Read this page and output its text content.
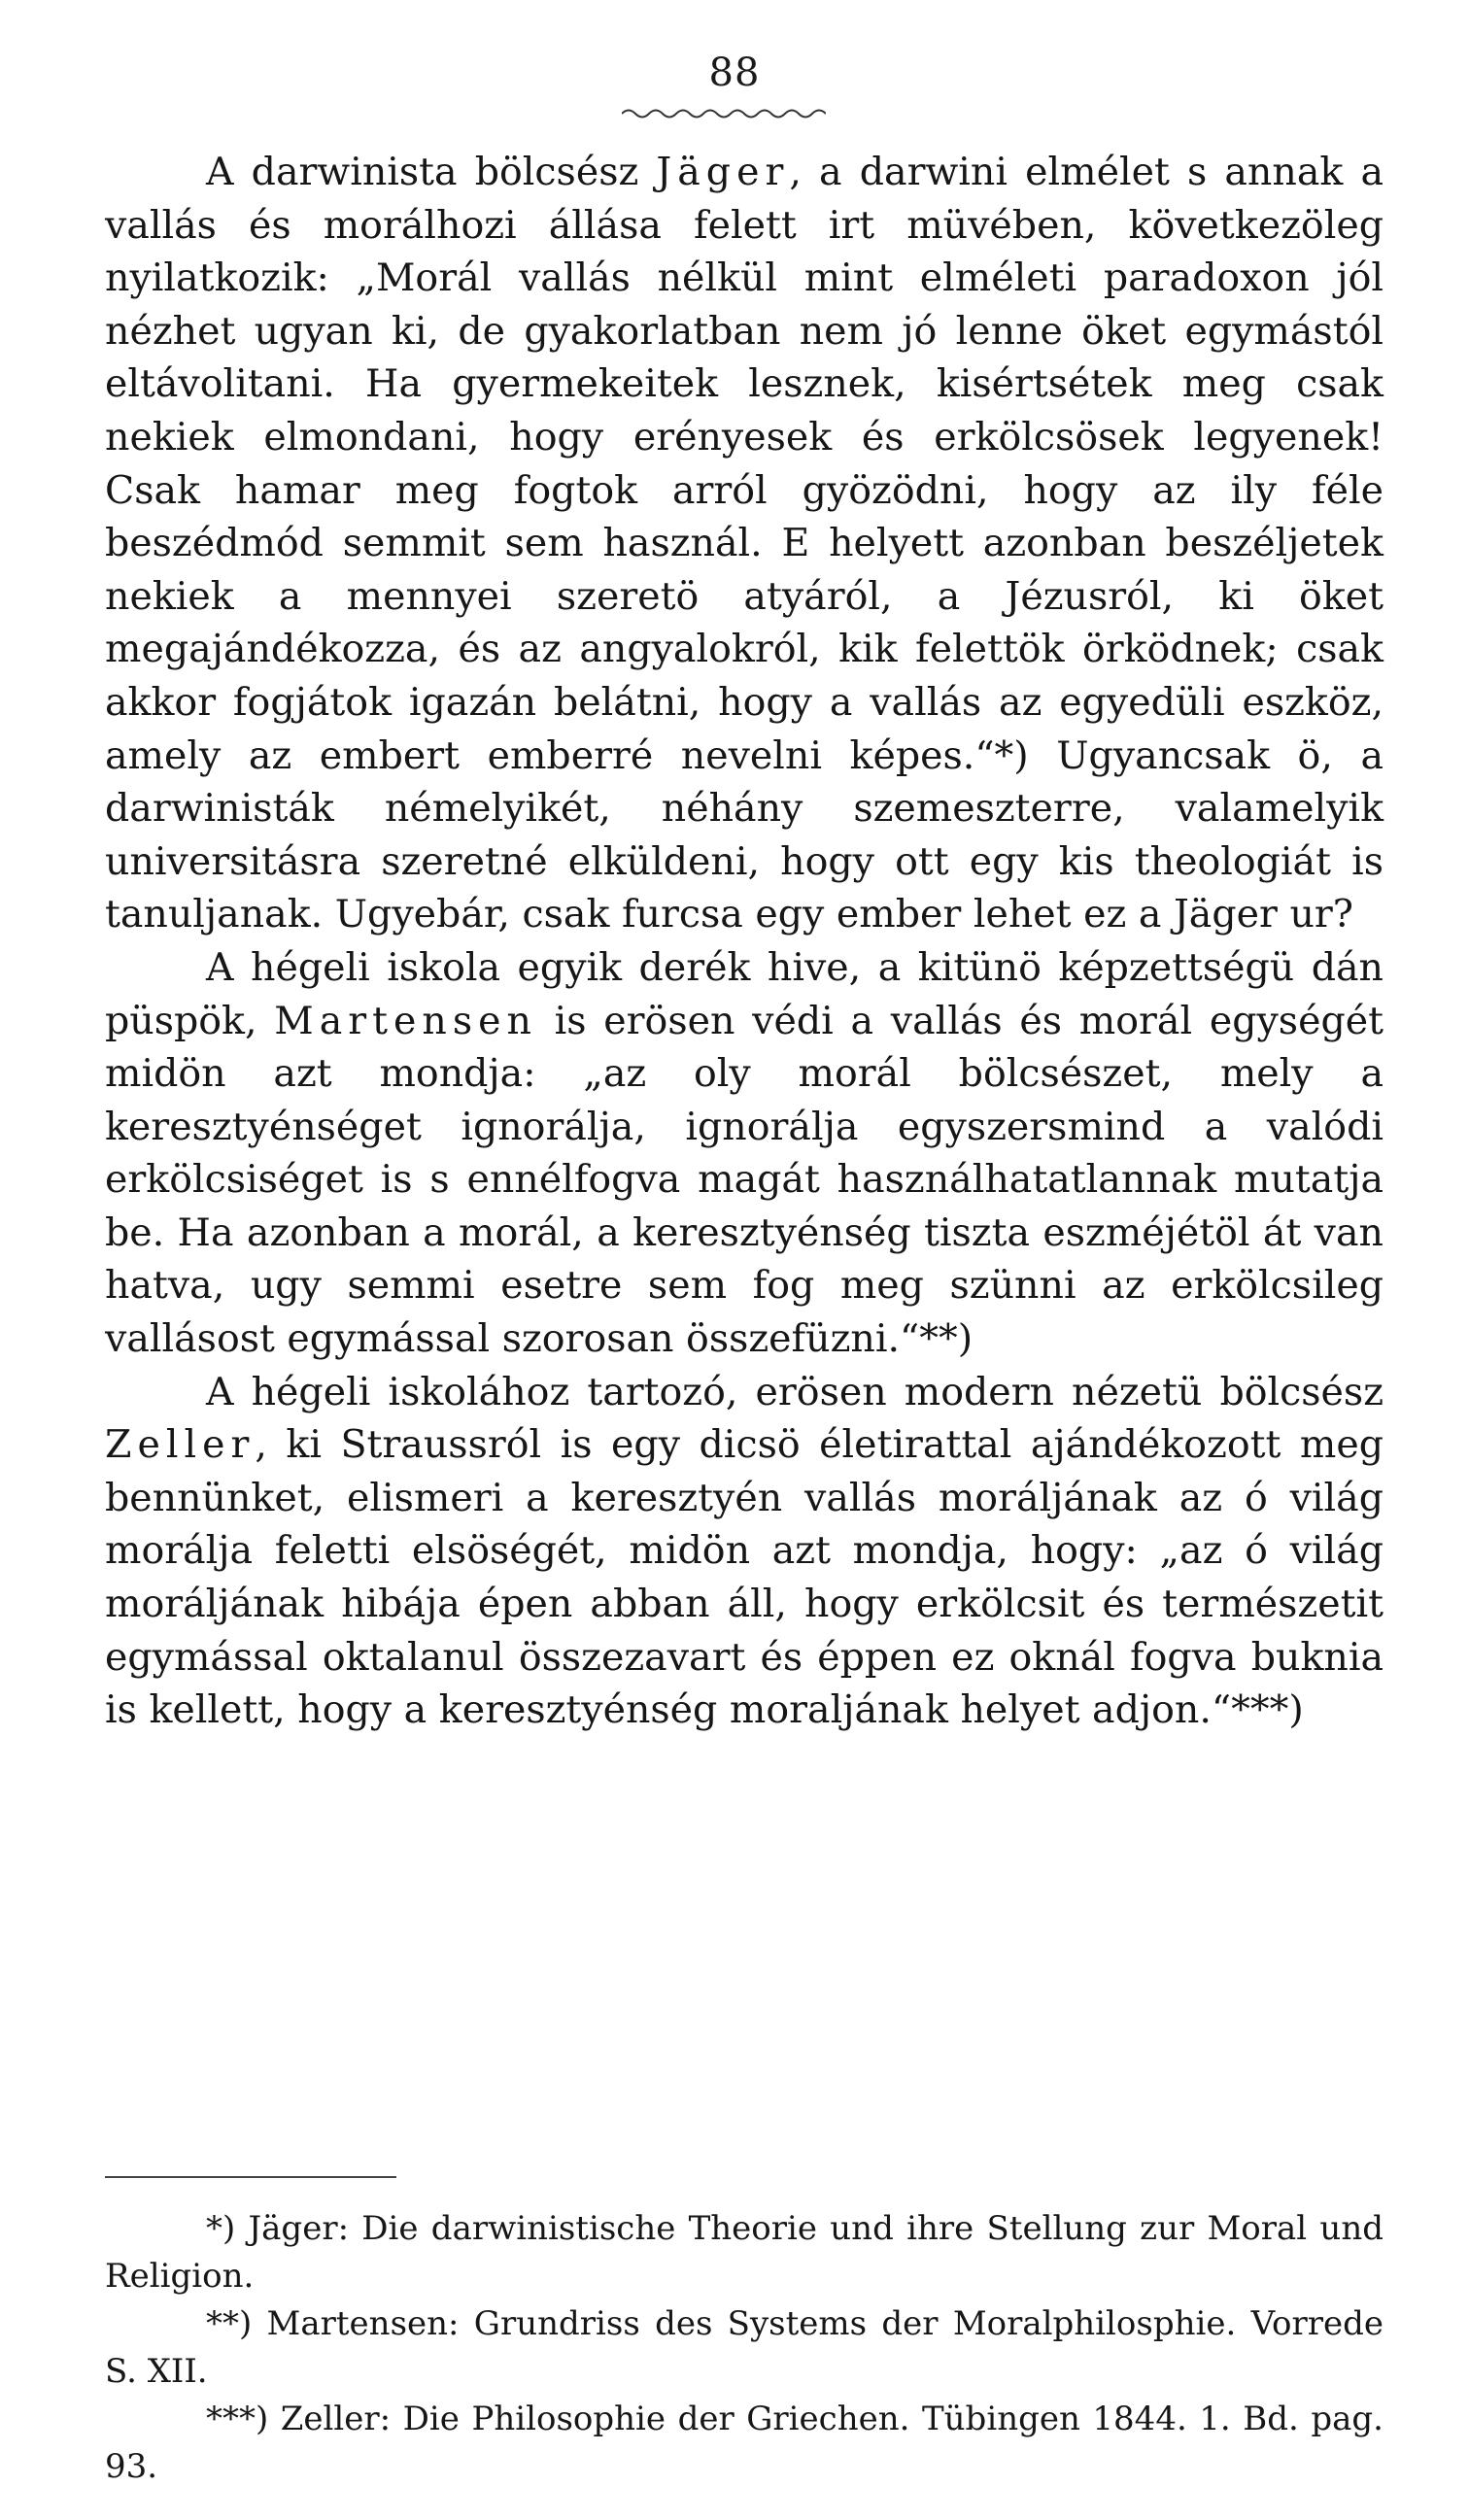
88

A darwinista bölcsész Jäger, a darwini elmélet s annak a vallás és morálhozi állása felett irt müvében, következöleg nyilatkozik: „Morál vallás nélkül mint elméleti paradoxon jól nézhet ugyan ki, de gyakorlatban nem jó lenne öket egymástól eltávolitani. Ha gyermekeitek lesznek, kisértsétek meg csak nekiek elmondani, hogy erényesek és erkölcsösek legyenek! Csak hamar meg fogtok arról gyözödni, hogy az ily féle beszédmód semmit sem használ. E helyett azonban beszéljetek nekiek a mennyei szeretö atyáról, a Jézusról, ki öket megajándékozza, és az angyalokról, kik felettök örködnek; csak akkor fogjátok igazán belátni, hogy a vallás az egyedüli eszköz, amely az embert emberré nevelni képes.“*) Ugyancsak ö, a darwinisták némelyikét, néhány szemeszterre, valamelyik universitásra szeretné elküldeni, hogy ott egy kis theologiát is tanuljanak. Ugyebár, csak furcsa egy ember lehet ez a Jäger ur?

A hégeli iskola egyik derék hive, a kitünö képzettségü dán püspök, Martensen is erösen védi a vallás és morál egységét midön azt mondja: „az oly morál bölcsészet, mely a keresztyénséget ignorálja, ignorálja egyszersmind a valódi erkölcsiséget is s ennélfogva magát használhatatlannak mutatja be. Ha azonban a morál, a keresztyénség tiszta eszméjétöl át van hatva, ugy semmi esetre sem fog meg szünni az erkölcsileg vallásost egymással szorosan összefüzni.“**)

A hégeli iskolához tartozó, erösen modern nézetü bölcsész Zeller, ki Straussról is egy dicsö életirattal ajándékozott meg bennünket, elismeri a keresztyén vallás moráljának az ó világ morálja feletti elsöségét, midön azt mondja, hogy: „az ó világ moráljának hibája épen abban áll, hogy erkölcsit és természetit egymással oktalanul összezavart és éppen ez oknál fogva buknia is kellett, hogy a keresztyénség moraljának helyet adjon.“***)

*) Jäger: Die darwinistische Theorie und ihre Stellung zur Moral und Religion.

**) Martensen: Grundriss des Systems der Moralphilosphie. Vorrede S. XII.

***) Zeller: Die Philosophie der Griechen. Tübingen 1844. 1. Bd. pag. 93.
